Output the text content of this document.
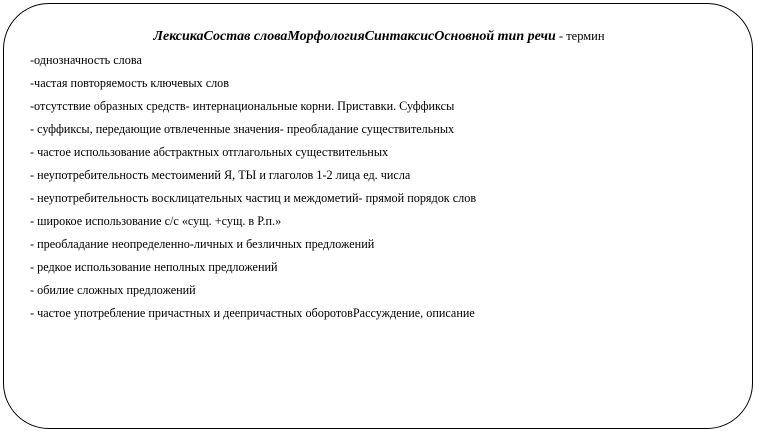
ЛексикаСостав словаМорфологияСинтаксисОсновной тип речи - термин
-однозначность слова
-частая повторяемость ключевых слов
-отсутствие образных средств- интернациональные корни. Приставки. Суффиксы
- суффиксы, передающие отвлеченные значения- преобладание существительных
- частое использование абстрактных отглагольных существительных
- неупотребительность местоимений Я, ТЫ и глаголов 1-2 лица ед. числа
- неупотребительность восклицательных частиц и междометий- прямой порядок слов
- широкое использование с/с «сущ. +сущ. в Р.п.»
- преобладание неопределенно-личных и безличных предложений
- редкое использование неполных предложений
- обилие сложных предложений
- частое употребление причастных и деепричастных оборотовРассуждение, описание
